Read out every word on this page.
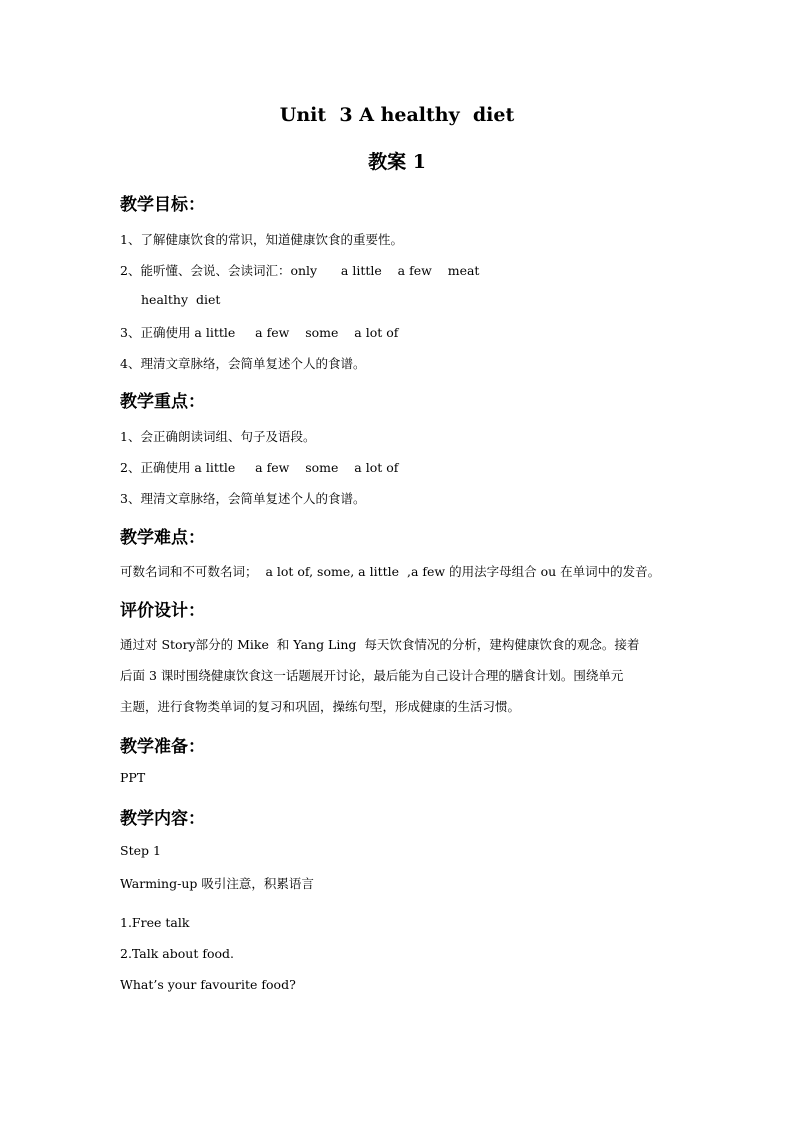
Unit  3 A healthy  diet

教案 1

教学目标：

1、了解健康饮食的常识，知道健康饮食的重要性。

2、能听懂、会说、会读词汇：only      a little    a few    meat

healthy  diet

3、正确使用 a little     a few    some    a lot of

4、理清文章脉络，会简单复述个人的食谱。

教学重点：

1、会正确朗读词组、句子及语段。

2、正确使用 a little     a few    some    a lot of

3、理清文章脉络，会简单复述个人的食谱。

教学难点：

可数名词和不可数名词；  a lot of, some, a little  ,a few 的用法字母组合 ou 在单词中的发音。

评价设计：

通过对 Story部分的 Mike  和 Yang Ling  每天饮食情况的分析，建构健康饮食的观念。接着

后面 3 课时围绕健康饮食这一话题展开讨论，最后能为自己设计合理的膳食计划。围绕单元

主题，进行食物类单词的复习和巩固，操练句型，形成健康的生活习惯。

教学准备：

PPT

教学内容：

Step 1

Warming-up 吸引注意，积累语言

1.Free talk

2.Talk about food.

What’s your favourite food?
